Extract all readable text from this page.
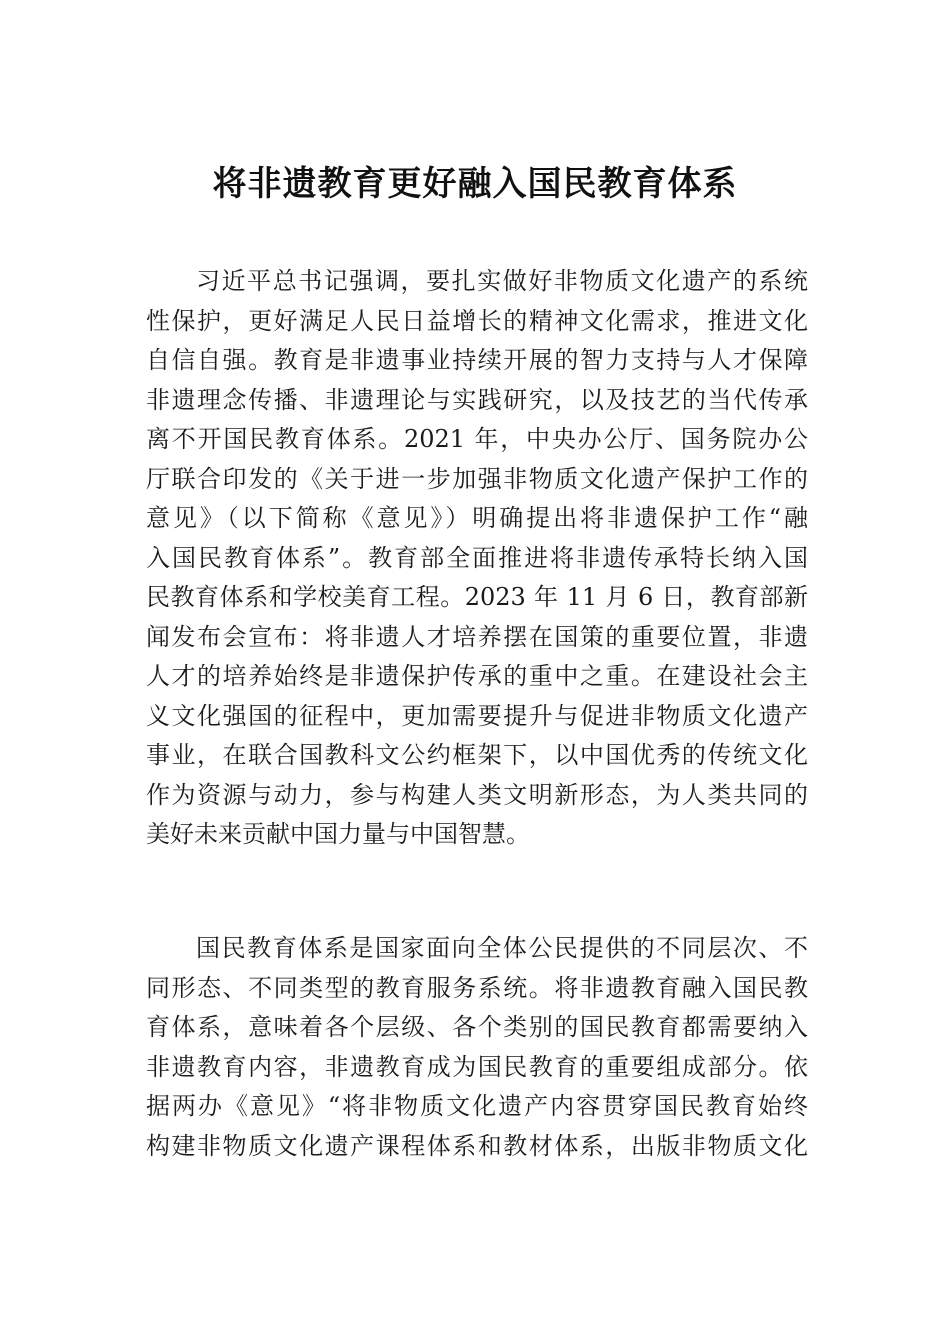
将非遗教育更好融入国民教育体系
习近平总书记强调，要扎实做好非物质文化遗产的系统
性保护，更好满足人民日益增长的精神文化需求，推进文化
自信自强。教育是非遗事业持续开展的智力支持与人才保障
非遗理念传播、非遗理论与实践研究，以及技艺的当代传承
离不开国民教育体系。2021 年，中央办公厅、国务院办公
厅联合印发的《关于进一步加强非物质文化遗产保护工作的
意见》（以下简称《意见》）明确提出将非遗保护工作“融
入国民教育体系”。教育部全面推进将非遗传承特长纳入国
民教育体系和学校美育工程。2023 年 11 月 6 日，教育部新
闻发布会宣布：将非遗人才培养摆在国策的重要位置，非遗
人才的培养始终是非遗保护传承的重中之重。在建设社会主
义文化强国的征程中，更加需要提升与促进非物质文化遗产
事业，在联合国教科文公约框架下，以中国优秀的传统文化
作为资源与动力，参与构建人类文明新形态，为人类共同的
美好未来贡献中国力量与中国智慧。
国民教育体系是国家面向全体公民提供的不同层次、不
同形态、不同类型的教育服务系统。将非遗教育融入国民教
育体系，意味着各个层级、各个类别的国民教育都需要纳入
非遗教育内容，非遗教育成为国民教育的重要组成部分。依
据两办《意见》“将非物质文化遗产内容贯穿国民教育始终
构建非物质文化遗产课程体系和教材体系，出版非物质文化
